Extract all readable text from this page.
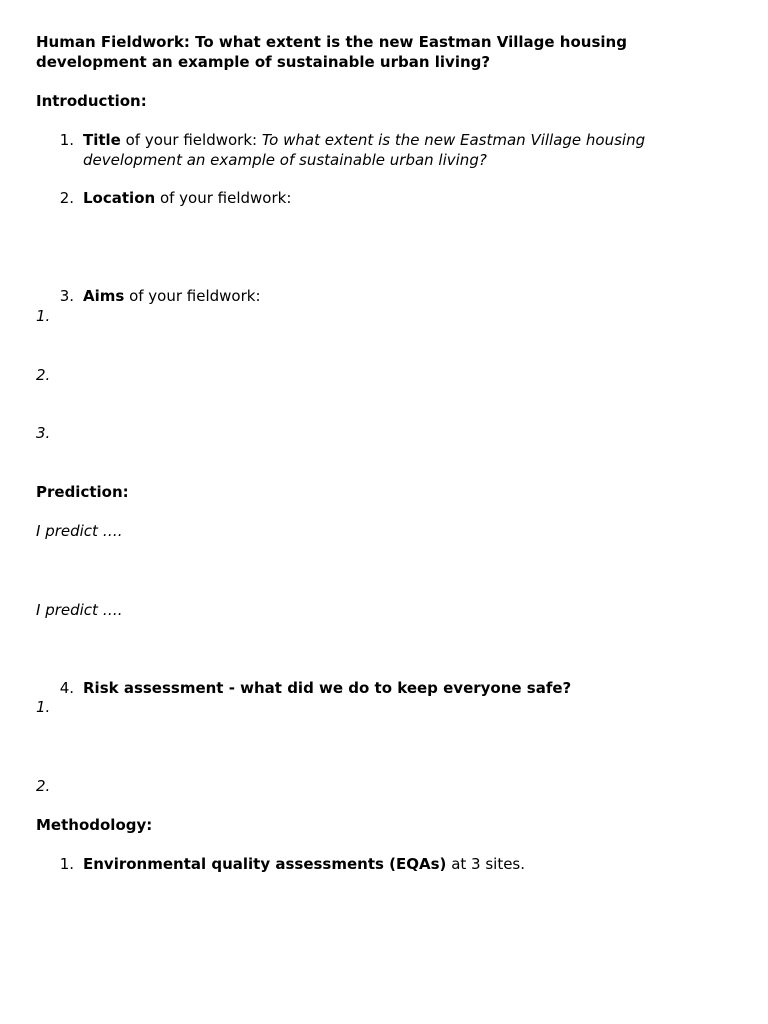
Human Fieldwork: To what extent is the new Eastman Village housing
development an example of sustainable urban living?
Introduction:
1. Title of your fieldwork: To what extent is the new Eastman Village housing
development an example of sustainable urban living?
2. Location of your fieldwork:
3. Aims of your fieldwork:
1.
2.
3.
Prediction:
I predict ….
I predict ….
4. Risk assessment - what did we do to keep everyone safe?
1.
2.
Methodology:
1. Environmental quality assessments (EQAs) at 3 sites.
